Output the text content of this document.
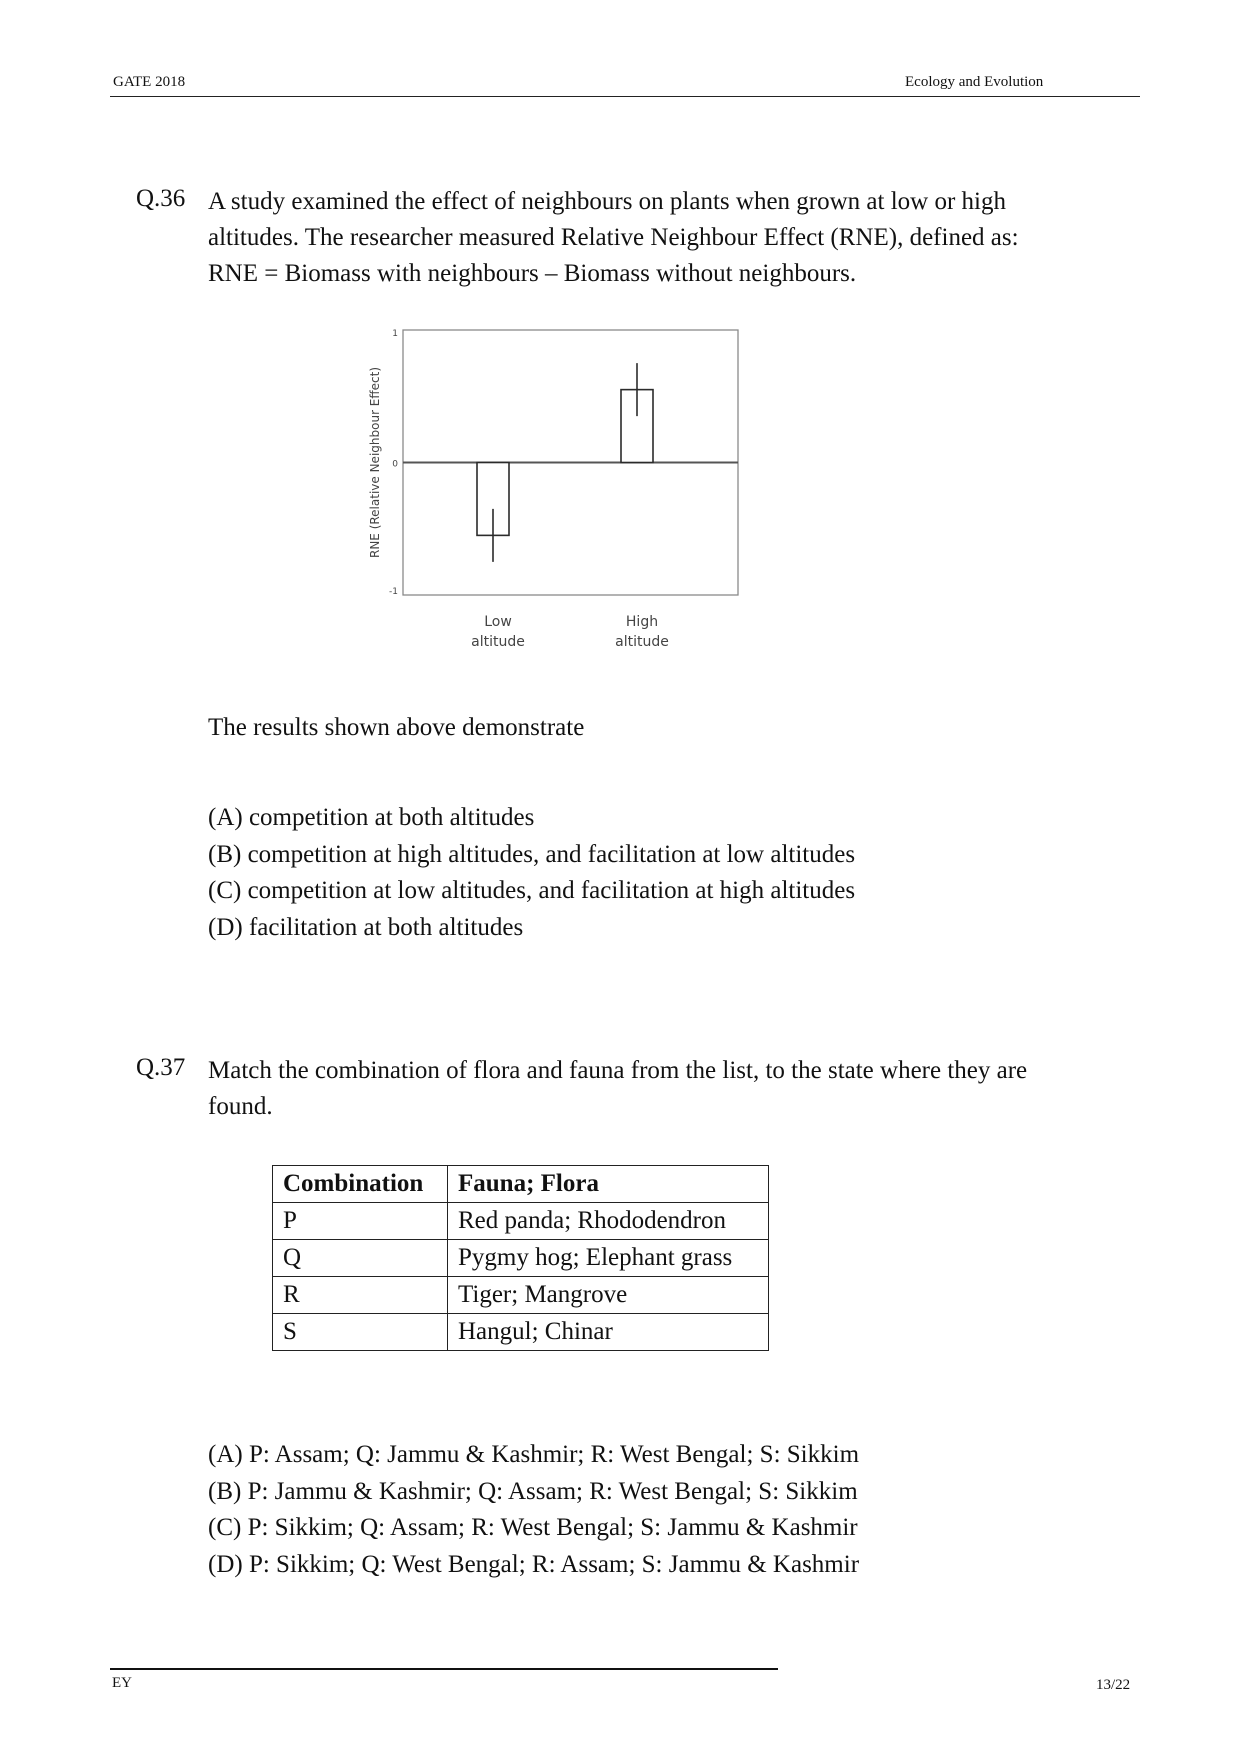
GATE 2018	Ecology and Evolution
Q.36 A study examined the effect of neighbours on plants when grown at low or high

altitudes. The researcher measured Relative Neighbour Effect (RNE), defined as:

RNE = Biomass with neighbours – Biomass without neighbours.

1
0
-1
RNE (Relative Neighbour Effect)
Low
altitude
High
altitude
The results shown above demonstrate
(A) competition at both altitudes
(B) competition at high altitudes, and facilitation at low altitudes
(C) competition at low altitudes, and facilitation at high altitudes
(D) facilitation at both altitudes
Q.37 Match the combination of flora and fauna from the list, to the state where they are

found.

Combination	Fauna; Flora
P	Red panda; Rhododendron
Q	Pygmy hog; Elephant grass
R	Tiger; Mangrove
S	Hangul; Chinar
(A) P: Assam; Q: Jammu & Kashmir; R: West Bengal; S: Sikkim
(B) P: Jammu & Kashmir; Q: Assam; R: West Bengal; S: Sikkim
(C) P: Sikkim; Q: Assam; R: West Bengal; S: Jammu & Kashmir
(D) P: Sikkim; Q: West Bengal; R: Assam; S: Jammu & Kashmir
EY	13/22
